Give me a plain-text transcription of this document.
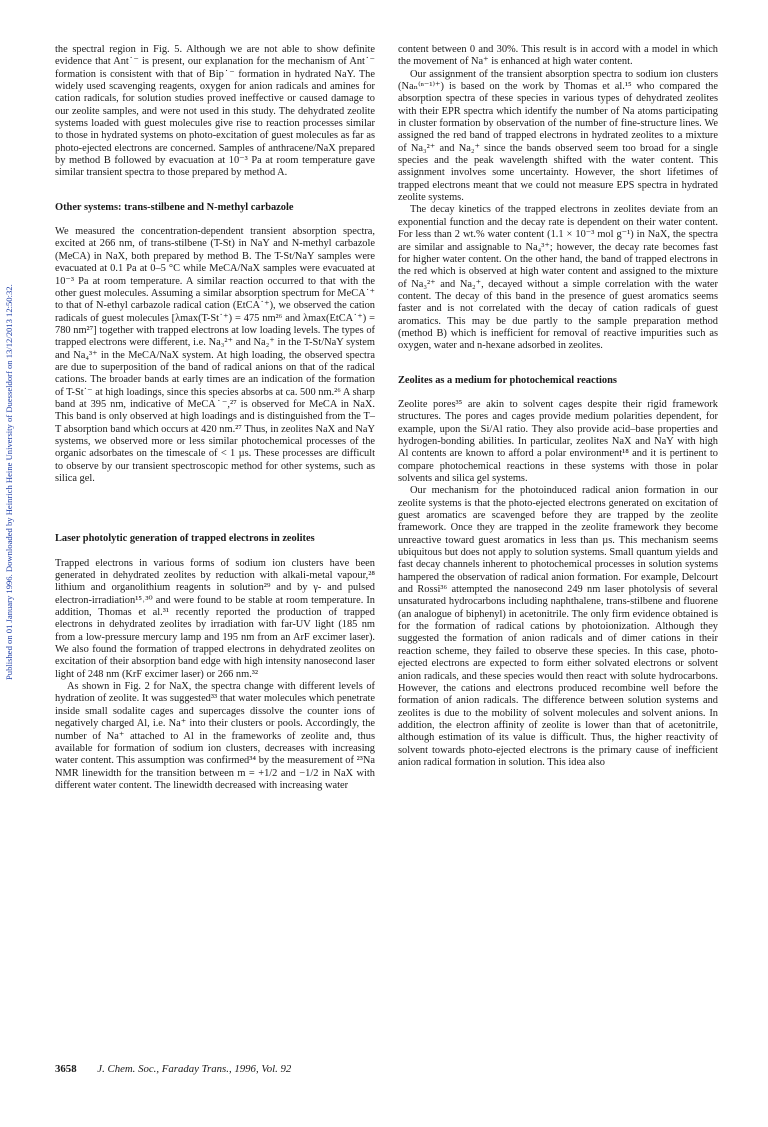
Published on 01 January 1996. Downloaded by Heinrich Heine University of Duesseldorf on 13/12/2013 12:50:32.

the spectral region in Fig. 5. Although we are not able to show definite evidence that Ant˙⁻ is present, our explanation for the mechanism of Ant˙⁻ formation is consistent with that of Bip˙⁻ formation in hydrated NaY. The widely used scavenging reagents, oxygen for anion radicals and amines for cation radicals, for solution studies proved ineffective or caused damage to our zeolite samples, and were not used in this study. The dehydrated zeolite systems loaded with guest molecules give rise to reaction processes similar to those in hydrated systems on photo-excitation of guest molecules as far as photo-ejected electrons are concerned. Samples of anthracene/NaX prepared by method B followed by evacuation at 10⁻³ Pa at room temperature gave similar transient spectra to those prepared by method A.

Other systems: trans-stilbene and N-methyl carbazole

We measured the concentration-dependent transient absorption spectra, excited at 266 nm, of trans-stilbene (T-St) in NaY and N-methyl carbazole (MeCA) in NaX, both prepared by method B. The T-St/NaY samples were evacuated at 0.1 Pa at 0–5 °C while MeCA/NaX samples were evacuated at 10⁻³ Pa at room temperature. A similar reaction occurred to that with the other guest molecules. Assuming a similar absorption spectrum for MeCA˙⁺ to that of N-ethyl carbazole radical cation (EtCA˙⁺), we observed the cation radicals of guest molecules [λmax(T-St˙⁺) = 475 nm²⁶ and λmax(EtCA˙⁺) = 780 nm²⁷] together with trapped electrons at low loading levels. The types of trapped electrons were different, i.e. Na₃²⁺ and Na₂⁺ in the T-St/NaY system and Na₄³⁺ in the MeCA/NaX system. At high loading, the observed spectra are due to superposition of the band of radical anions on that of the radical cations. The broader bands at early times are an indication of the formation of T-St˙⁻ at high loadings, since this species absorbs at ca. 500 nm.²⁶ A sharp band at 395 nm, indicative of MeCA˙⁻,²⁷ is observed for MeCA in NaX. This band is only observed at high loadings and is distinguished from the T–T absorption band which occurs at 420 nm.²⁷ Thus, in zeolites NaX and NaY systems, we observed more or less similar photochemical processes of the organic adsorbates on the timescale of < 1 µs. These processes are difficult to observe by our transient spectroscopic method for other systems, such as silica gel.

Laser photolytic generation of trapped electrons in zeolites

Trapped electrons in various forms of sodium ion clusters have been generated in dehydrated zeolites by reduction with alkali-metal vapour,²⁸ lithium and organolithium reagents in solution²⁹ and by γ- and pulsed electron-irradiation¹⁵˒³⁰ and were found to be stable at room temperature. In addition, Thomas et al.³¹ recently reported the production of trapped electrons in dehydrated zeolites by irradiation with far-UV light (185 nm from a low-pressure mercury lamp and 195 nm from an ArF excimer laser). We also found the formation of trapped electrons in dehydrated zeolites on excitation of their absorption band edge with high intensity nanosecond laser light of 248 nm (KrF excimer laser) or 266 nm.³²

As shown in Fig. 2 for NaX, the spectra change with different levels of hydration of zeolite. It was suggested³³ that water molecules which penetrate inside small sodalite cages and supercages dissolve the counter ions of negatively charged Al, i.e. Na⁺ into their clusters or pools. Accordingly, the number of Na⁺ attached to Al in the frameworks of zeolite and, thus available for formation of sodium ion clusters, decreases with increasing water content. This assumption was confirmed³⁴ by the measurement of ²³Na NMR linewidth for the transition between m = +1/2 and −1/2 in NaX with different water content. The linewidth decreased with increasing water

content between 0 and 30%. This result is in accord with a model in which the movement of Na⁺ is enhanced at high water content.

Our assignment of the transient absorption spectra to sodium ion clusters (Naₙ⁽ⁿ⁻¹⁾⁺) is based on the work by Thomas et al.¹⁵ who compared the absorption spectra of these species in various types of dehydrated zeolites with their EPR spectra which identify the number of Na atoms participating in cluster formation by observation of the number of fine-structure lines. We assigned the red band of trapped electrons in hydrated zeolites to a mixture of Na₃²⁺ and Na₂⁺ since the bands observed seem too broad for a single species and the peak wavelength shifted with the water content. This assignment involves some uncertainty. However, the short lifetimes of trapped electrons meant that we could not measure EPS spectra in hydrated zeolite systems.

The decay kinetics of the trapped electrons in zeolites deviate from an exponential function and the decay rate is dependent on their water content. For less than 2 wt.% water content (1.1 × 10⁻³ mol g⁻¹) in NaX, the spectra are similar and assignable to Na₄³⁺; however, the decay rate becomes fast for higher water content. On the other hand, the band of trapped electrons in the red which is observed at high water content and assigned to the mixture of Na₃²⁺ and Na₂⁺, decayed without a simple correlation with the water content. The decay of this band in the presence of guest aromatics seems faster and is not correlated with the decay of cation radicals of guest aromatics. This may be due partly to the sample preparation method (method B) which is inefficient for removal of reactive impurities such as oxygen, water and n-hexane adsorbed in zeolites.

Zeolites as a medium for photochemical reactions

Zeolite pores³⁵ are akin to solvent cages despite their rigid framework structures. The pores and cages provide medium polarities dependent, for example, upon the Si/Al ratio. They also provide acid–base properties and hydrogen-bonding abilities. In particular, zeolites NaX and NaY with high Al contents are known to afford a polar environment¹⁸ and it is pertinent to compare photochemical reactions in these systems with those in polar solvents and silica gel systems.

Our mechanism for the photoinduced radical anion formation in our zeolite systems is that the photo-ejected electrons generated on excitation of guest aromatics are scavenged before they are trapped by the zeolite framework. Once they are trapped in the zeolite framework they become unreactive toward guest aromatics in less than µs. This mechanism seems ubiquitous but does not apply to solution systems. Small quantum yields and fast decay channels inherent to photochemical processes in solution systems hampered the observation of radical anion formation. For example, Delcourt and Rossi³⁶ attempted the nanosecond 249 nm laser photolysis of several unsaturated hydrocarbons including naphthalene, trans-stilbene and fluorene (an analogue of biphenyl) in acetonitrile. The only firm evidence obtained is for the formation of radical cations by photoionization. Although they suggested the formation of anion radicals and of dimer cations in their reaction scheme, they failed to observe these species. In this case, photo-ejected electrons are expected to form either solvated electrons or solvent anion radicals, and these species would then react with solute hydrocarbons. However, the cations and electrons produced recombine well before the formation of anion radicals. The difference between solution systems and zeolites is due to the mobility of solvent molecules and solvent anions. In addition, the electron affinity of zeolite is lower than that of acetonitrile, although estimation of its value is difficult. Thus, the higher reactivity of solvent towards photo-ejected electrons is the primary cause of inefficient anion radical formation in solution. This idea also

3658 J. Chem. Soc., Faraday Trans., 1996, Vol. 92
